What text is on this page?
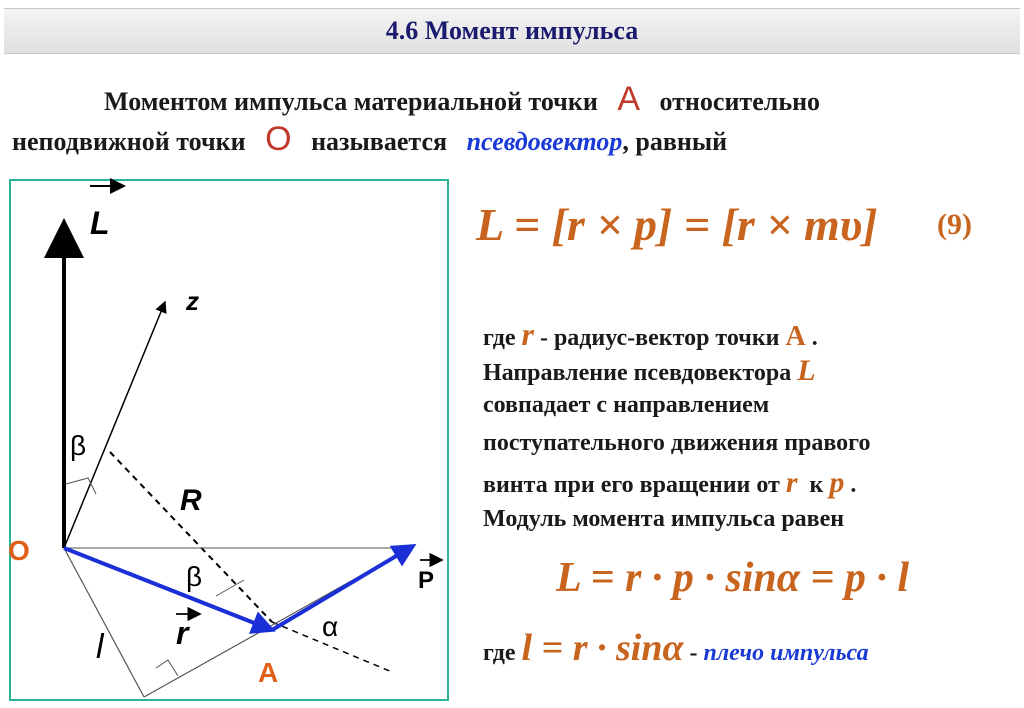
4.6 Момент импульса
Моментом импульса материальной точки A относительно
неподвижной точки O называется псевдовектор, равный
L
z
β
R
O
β	P
r	α
l
A
L = [r × p] = [r × mυ] (9)
где r - радиус-вектор точки A .
Направление псевдовектора L
совпадает с направлением
поступательного движения правого
винта при его вращении от r к p .
Модуль момента импульса равен
L = r · p · sinα = p · l
где l = r · sinα - плечо импульса
